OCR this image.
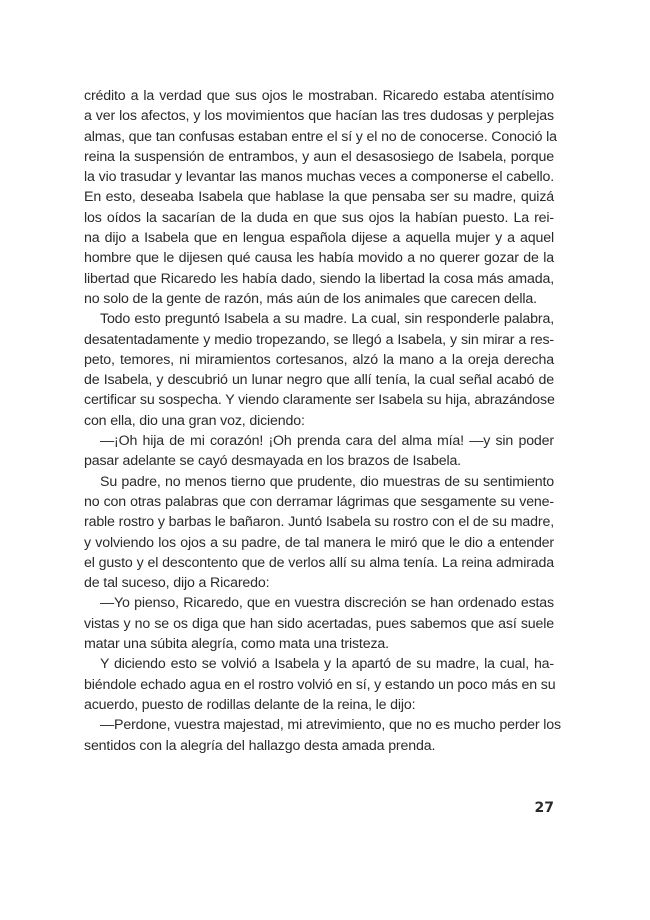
crédito a la verdad que sus ojos le mostraban. Ricaredo estaba atentísimo
a ver los afectos, y los movimientos que hacían las tres dudosas y perplejas
almas, que tan confusas estaban entre el sí y el no de conocerse. Conoció la
reina la suspensión de entrambos, y aun el desasosiego de Isabela, porque
la vio trasudar y levantar las manos muchas veces a componerse el cabello.
En esto, deseaba Isabela que hablase la que pensaba ser su madre, quizá
los oídos la sacarían de la duda en que sus ojos la habían puesto. La rei-
na dijo a Isabela que en lengua española dijese a aquella mujer y a aquel
hombre que le dijesen qué causa les había movido a no querer gozar de la
libertad que Ricaredo les había dado, siendo la libertad la cosa más amada,
no solo de la gente de razón, más aún de los animales que carecen della.
Todo esto preguntó Isabela a su madre. La cual, sin responderle palabra,
desatentadamente y medio tropezando, se llegó a Isabela, y sin mirar a res-
peto, temores, ni miramientos cortesanos, alzó la mano a la oreja derecha
de Isabela, y descubrió un lunar negro que allí tenía, la cual señal acabó de
certificar su sospecha. Y viendo claramente ser Isabela su hija, abrazándose
con ella, dio una gran voz, diciendo:
—¡Oh hija de mi corazón! ¡Oh prenda cara del alma mía! —y sin poder
pasar adelante se cayó desmayada en los brazos de Isabela.
Su padre, no menos tierno que prudente, dio muestras de su sentimiento
no con otras palabras que con derramar lágrimas que sesgamente su vene-
rable rostro y barbas le bañaron. Juntó Isabela su rostro con el de su madre,
y volviendo los ojos a su padre, de tal manera le miró que le dio a entender
el gusto y el descontento que de verlos allí su alma tenía. La reina admirada
de tal suceso, dijo a Ricaredo:
—Yo pienso, Ricaredo, que en vuestra discreción se han ordenado estas
vistas y no se os diga que han sido acertadas, pues sabemos que así suele
matar una súbita alegría, como mata una tristeza.
Y diciendo esto se volvió a Isabela y la apartó de su madre, la cual, ha-
biéndole echado agua en el rostro volvió en sí, y estando un poco más en su
acuerdo, puesto de rodillas delante de la reina, le dijo:
—Perdone, vuestra majestad, mi atrevimiento, que no es mucho perder los
sentidos con la alegría del hallazgo desta amada prenda.
27
